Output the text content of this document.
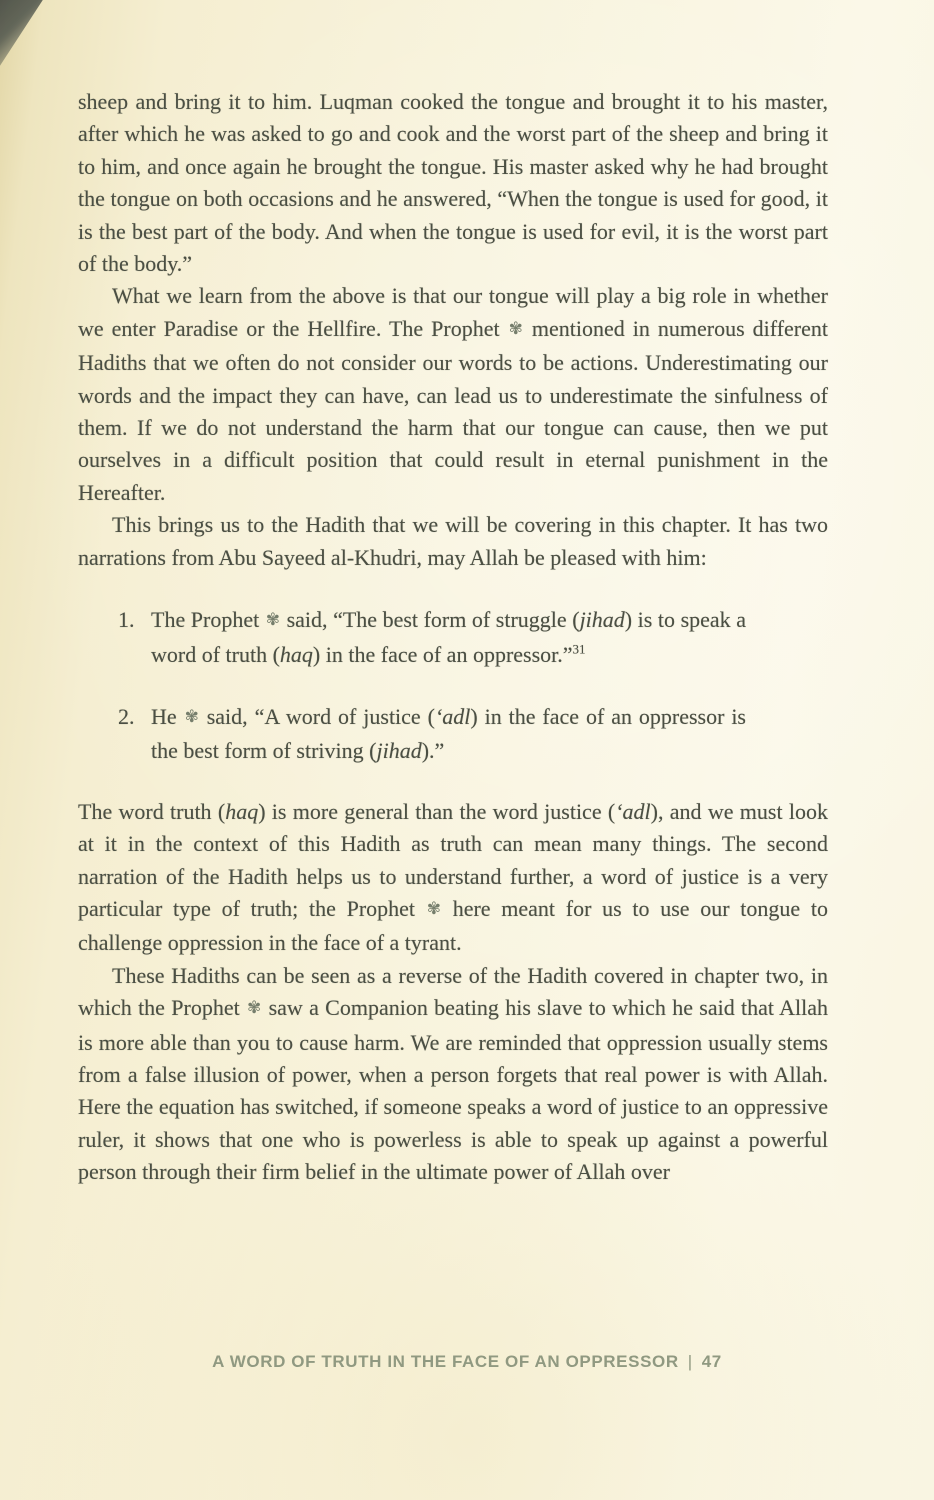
sheep and bring it to him. Luqman cooked the tongue and brought it to his master, after which he was asked to go and cook and the worst part of the sheep and bring it to him, and once again he brought the tongue. His master asked why he had brought the tongue on both occasions and he answered, “When the tongue is used for good, it is the best part of the body. And when the tongue is used for evil, it is the worst part of the body.”

What we learn from the above is that our tongue will play a big role in whether we enter Paradise or the Hellfire. The Prophet ✾ mentioned in numerous different Hadiths that we often do not consider our words to be actions. Underestimating our words and the impact they can have, can lead us to underestimate the sinfulness of them. If we do not understand the harm that our tongue can cause, then we put ourselves in a difficult position that could result in eternal punishment in the Hereafter.

This brings us to the Hadith that we will be covering in this chapter. It has two narrations from Abu Sayeed al-Khudri, may Allah be pleased with him:

1. The Prophet ✾ said, “The best form of struggle (jihad) is to speak a word of truth (haq) in the face of an oppressor.”$^{31}$
2. He ✾ said, “A word of justice (‘adl) in the face of an oppressor is the best form of striving (jihad).”

The word truth (haq) is more general than the word justice (‘adl), and we must look at it in the context of this Hadith as truth can mean many things. The second narration of the Hadith helps us to understand further, a word of justice is a very particular type of truth; the Prophet ✾ here meant for us to use our tongue to challenge oppression in the face of a tyrant.

These Hadiths can be seen as a reverse of the Hadith covered in chapter two, in which the Prophet ✾ saw a Companion beating his slave to which he said that Allah is more able than you to cause harm. We are reminded that oppression usually stems from a false illusion of power, when a person forgets that real power is with Allah. Here the equation has switched, if someone speaks a word of justice to an oppressive ruler, it shows that one who is powerless is able to speak up against a powerful person through their firm belief in the ultimate power of Allah over

A WORD OF TRUTH IN THE FACE OF AN OPPRESSOR | 47
